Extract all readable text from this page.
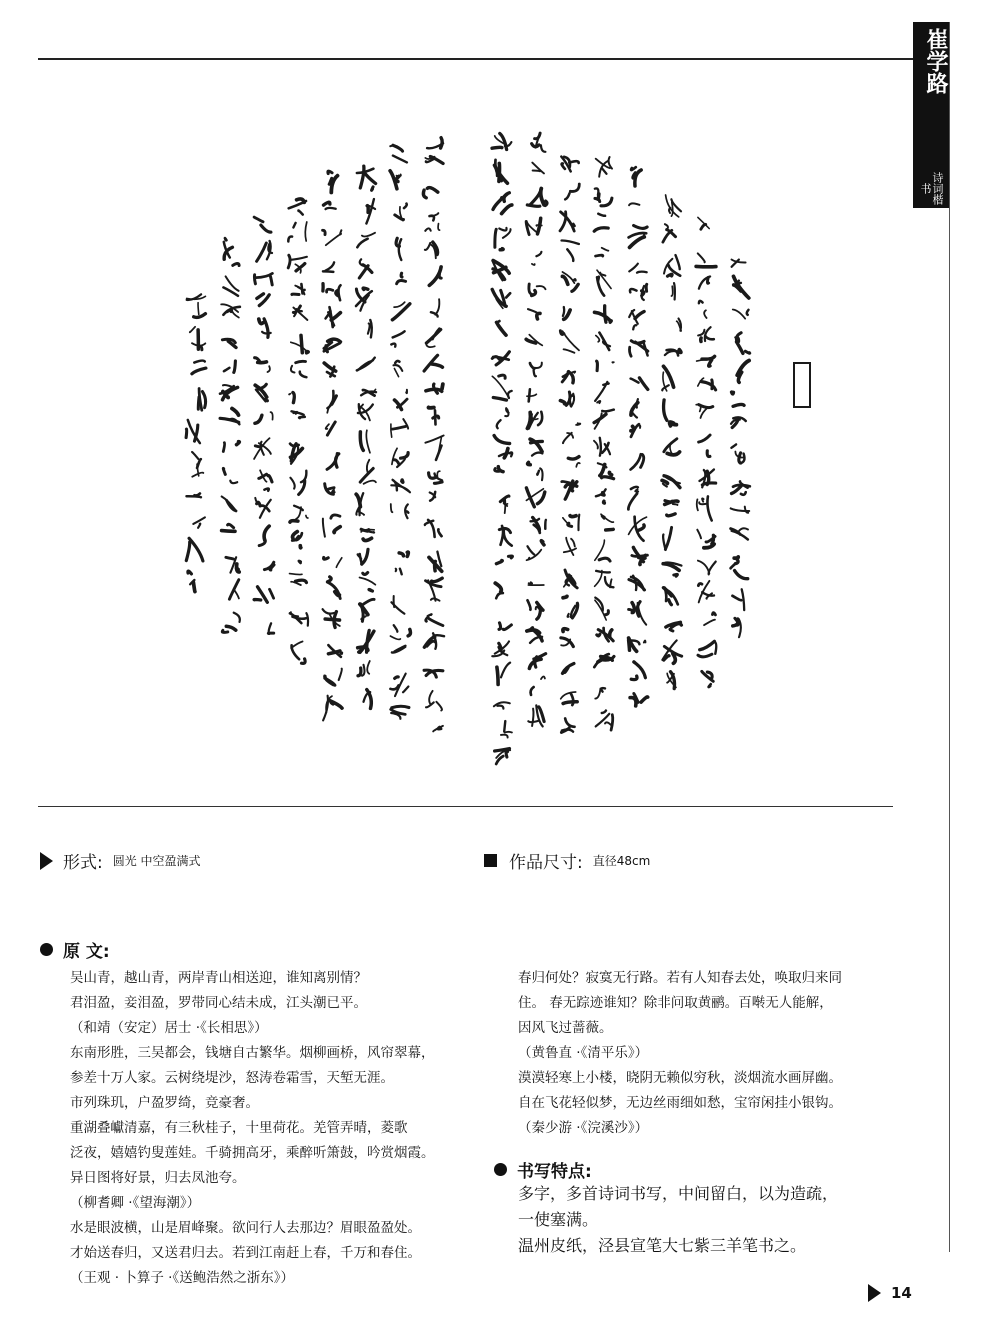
崔学路
诗词楷书
形式: 圆光 中空盈满式	作品尺寸: 直径48cm
原 文:

吴山青，越山青，两岸青山相送迎，谁知离别情？

君泪盈，妾泪盈，罗带同心结未成，江头潮已平。

（和靖（安定）居士 ·《长相思》）

东南形胜，三吴都会，钱塘自古繁华。烟柳画桥，风帘翠幕，

参差十万人家。云树绕堤沙，怒涛卷霜雪，天堑无涯。

市列珠玑，户盈罗绮，竞豪奢。

重湖叠巘清嘉，有三秋桂子，十里荷花。羌管弄晴，菱歌

泛夜，嬉嬉钓叟莲娃。千骑拥高牙，乘醉听箫鼓，吟赏烟霞。

异日图将好景，归去凤池夸。

（柳耆卿 ·《望海潮》）

水是眼波横，山是眉峰聚。欲问行人去那边？眉眼盈盈处。

才始送春归，又送君归去。若到江南赶上春，千万和春住。

（王观 · 卜算子 ·《送鲍浩然之浙东》）

春归何处？寂寞无行路。若有人知春去处，唤取归来同

住。 春无踪迹谁知？除非问取黄鹂。百啭无人能解，

因风飞过蔷薇。

（黄鲁直 ·《清平乐》）

漠漠轻寒上小楼，晓阴无赖似穷秋，淡烟流水画屏幽。

自在飞花轻似梦，无边丝雨细如愁，宝帘闲挂小银钩。

（秦少游 ·《浣溪沙》）

书写特点:

多字，多首诗词书写，中间留白，以为造疏，

一使塞满。

温州皮纸，泾县宣笔大七紫三羊笔书之。

14
